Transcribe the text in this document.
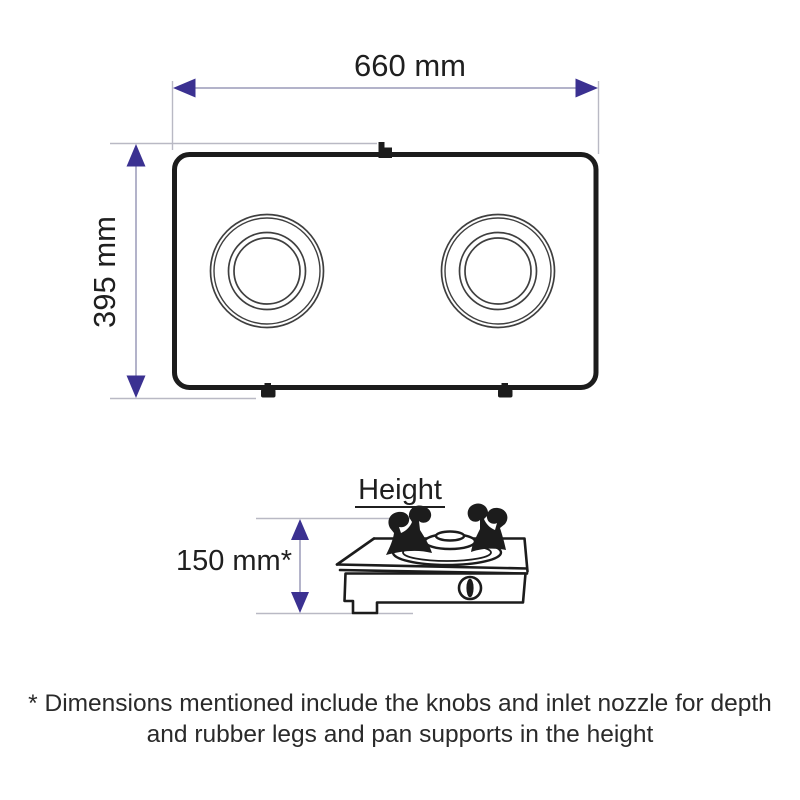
660 mm
395 mm
Height
150 mm*
* Dimensions mentioned include the knobs and inlet nozzle for depth
and rubber legs and pan supports in the height
